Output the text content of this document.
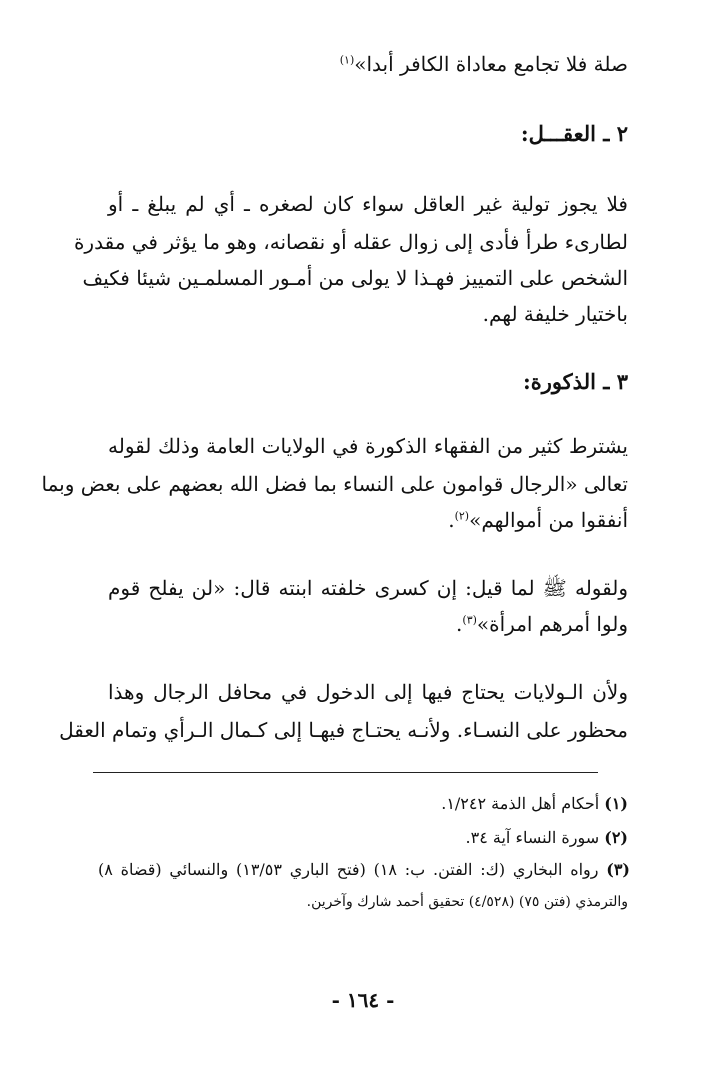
صلة فلا تجامع معاداة الكافر أبدا»$^{(١)}$
٢ ـ العقـــل:
فلا يجوز تولية غير العاقل سواء كان لصغره ـ أي لم يبلغ ـ أو
لطارىء طرأ فأدى إلى زوال عقله أو نقصانه، وهو ما يؤثر في مقدرة
الشخص على التمييز فهـذا لا يولى من أمـور المسلمـين شيئا فكيف
باختيار خليفة لهم.
٣ ـ الذكورة:
يشترط كثير من الفقهاء الذكورة في الولايات العامة وذلك لقوله
تعالى «الرجال قوامون على النساء بما فضل الله بعضهم على بعض وبما
أنفقوا من أموالهم»$^{(٢)}$.
ولقوله ﷺ لما قيل: إن كسرى خلفته ابنته قال: «لن يفلح قوم
ولوا أمرهم امرأة»$^{(٣)}$.
ولأن الـولايات يحتاج فيها إلى الدخول في محافل الرجال وهذا
محظور على النسـاء. ولأنـه يحتـاج فيهـا إلى كـمال الـرأي وتمام العقل
(١) أحكام أهل الذمة ١/٢٤٢.
(٢) سورة النساء آية ٣٤.
(٣) رواه البخاري (ك: الفتن. ب: ١٨) (فتح الباري ١٣/٥٣) والنسائي (قضاة ٨)
والترمذي (فتن ٧٥) (٤/٥٢٨) تحقيق أحمد شارك وآخرين.
- ١٦٤ -
